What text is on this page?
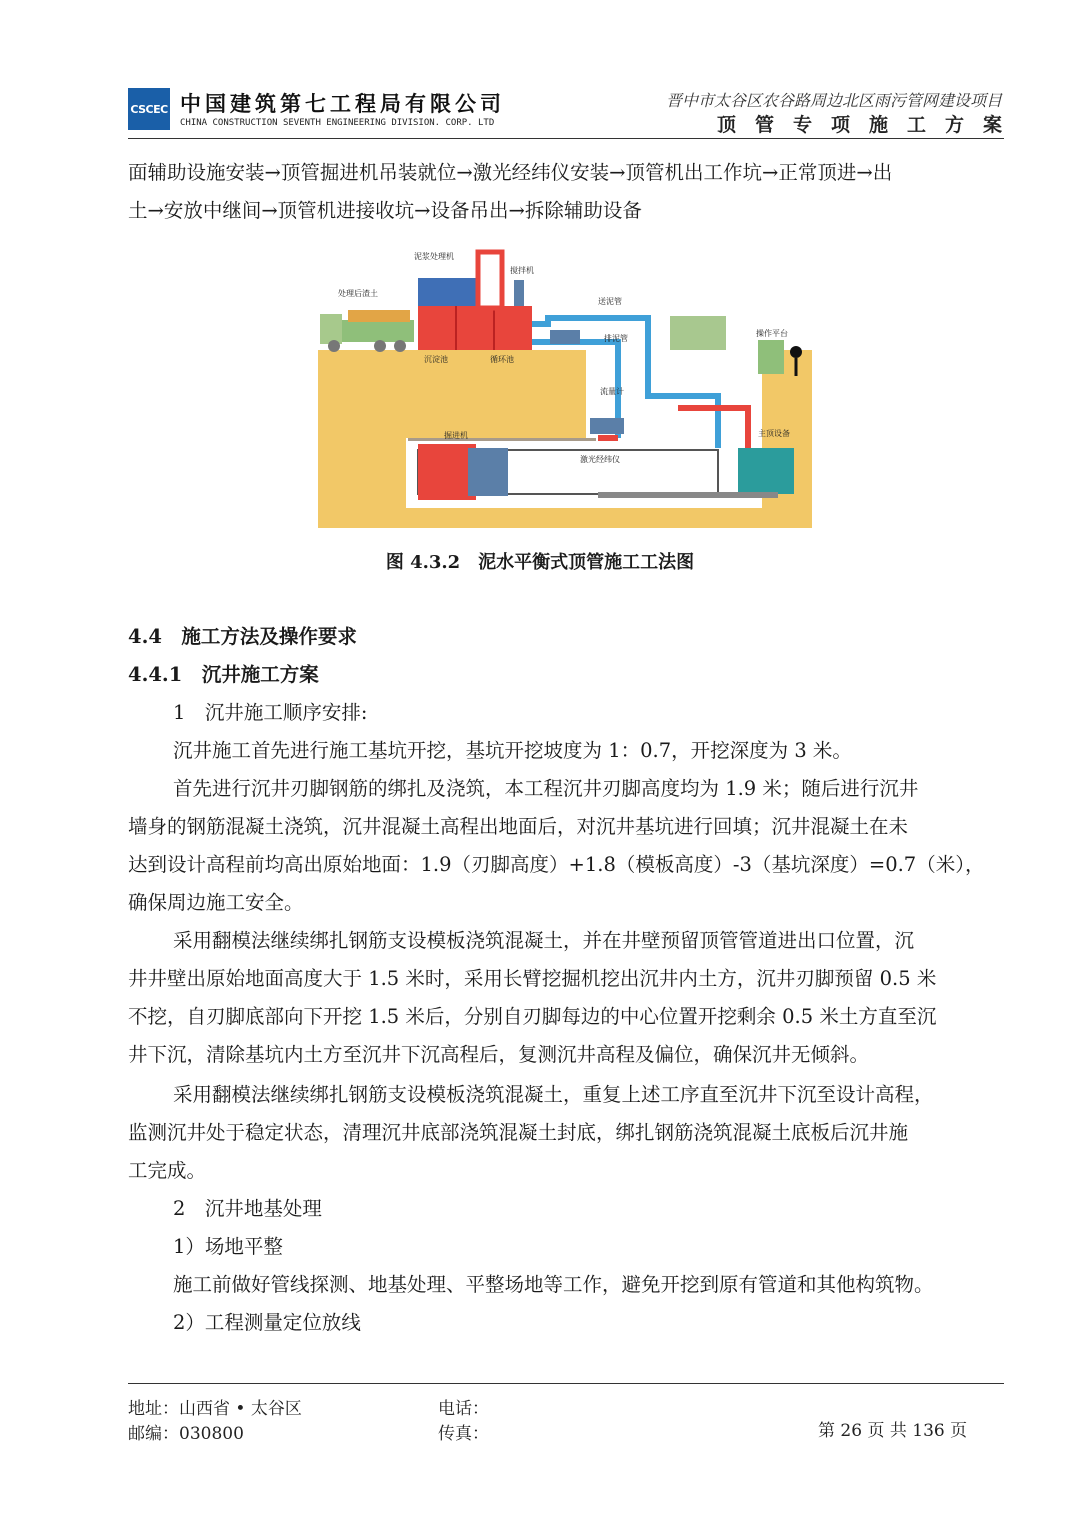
CSCEC 中国建筑第七工程局有限公司
CHINA CONSTRUCTION SEVENTH ENGINEERING DIVISION. CORP. LTD
晋中市太谷区农谷路周边北区雨污管网建设项目
顶管专项施工方案
面辅助设施安装→顶管掘进机吊装就位→激光经纬仪安装→顶管机出工作坑→正常顶进→出
土→安放中继间→顶管机进接收坑→设备吊出→拆除辅助设备
泥浆处理机
处理后渣土
搅拌机
送泥管
排泥管
操作平台
沉淀池	循环池
流量计
掘进机	主顶设备
激光经纬仪
图 4.3.2　泥水平衡式顶管施工工法图
4.4　施工方法及操作要求
4.4.1　沉井施工方案
1　沉井施工顺序安排:
沉井施工首先进行施工基坑开挖，基坑开挖坡度为 1：0.7，开挖深度为 3 米。
首先进行沉井刃脚钢筋的绑扎及浇筑，本工程沉井刃脚高度均为 1.9 米；随后进行沉井
墙身的钢筋混凝土浇筑，沉井混凝土高程出地面后，对沉井基坑进行回填；沉井混凝土在未
达到设计高程前均高出原始地面：1.9（刃脚高度）+1.8（模板高度）-3（基坑深度）=0.7（米），
确保周边施工安全。
采用翻模法继续绑扎钢筋支设模板浇筑混凝土，并在井壁预留顶管管道进出口位置，沉
井井壁出原始地面高度大于 1.5 米时，采用长臂挖掘机挖出沉井内土方，沉井刃脚预留 0.5 米
不挖，自刃脚底部向下开挖 1.5 米后，分别自刃脚每边的中心位置开挖剩余 0.5 米土方直至沉
井下沉，清除基坑内土方至沉井下沉高程后，复测沉井高程及偏位，确保沉井无倾斜。
采用翻模法继续绑扎钢筋支设模板浇筑混凝土，重复上述工序直至沉井下沉至设计高程，
监测沉井处于稳定状态，清理沉井底部浇筑混凝土封底，绑扎钢筋浇筑混凝土底板后沉井施
工完成。
2　沉井地基处理
1）场地平整
施工前做好管线探测、地基处理、平整场地等工作，避免开挖到原有管道和其他构筑物。
2）工程测量定位放线
地址：山西省 • 太谷区
邮编：030800
电话：
传真：	第 26 页 共 136 页
